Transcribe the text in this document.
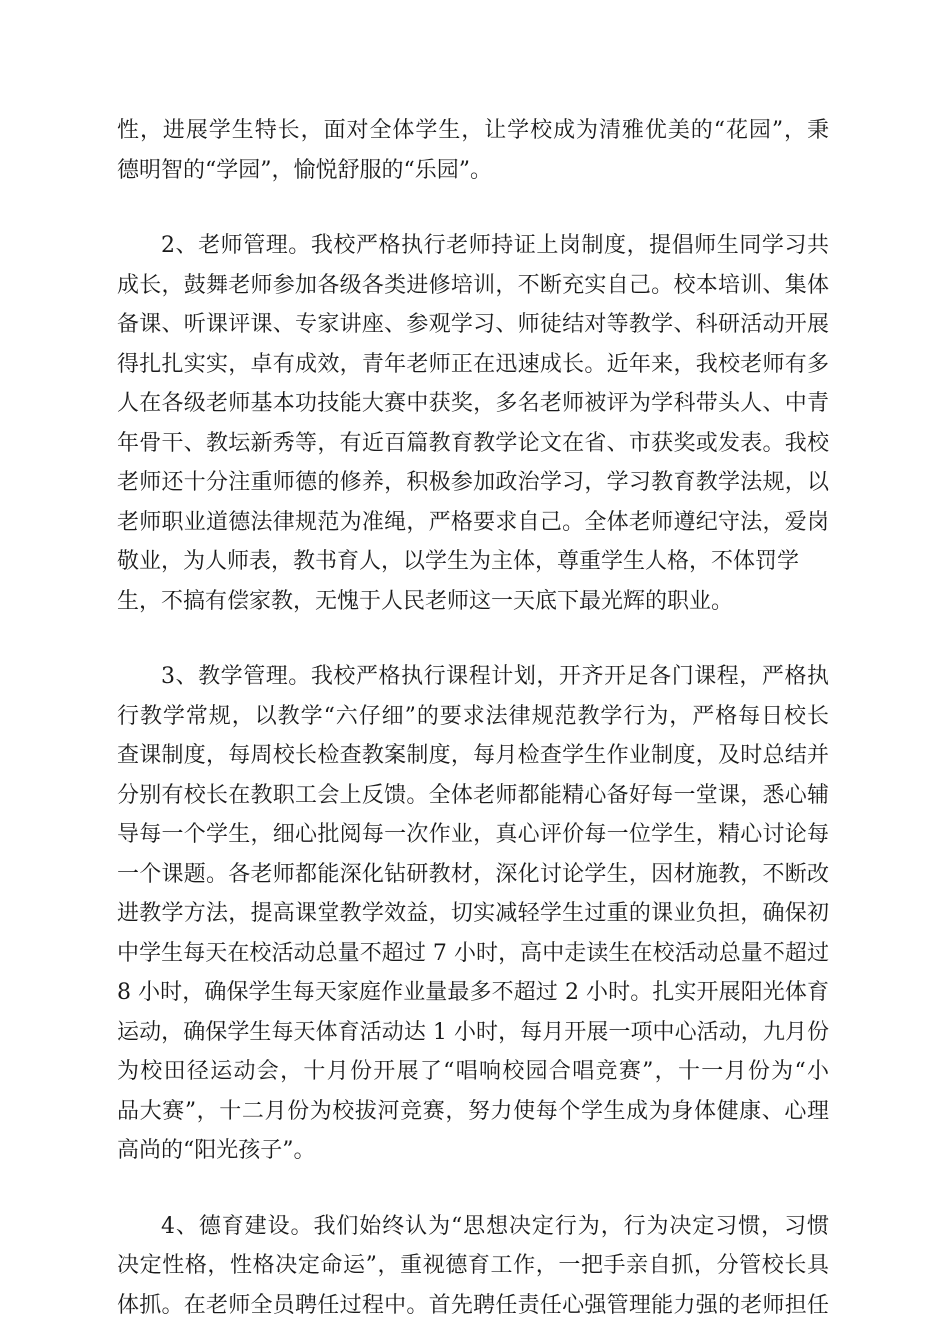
性，进展学生特长，面对全体学生，让学校成为清雅优美的“花园”，秉
德明智的“学园”，愉悦舒服的“乐园”。
2、老师管理。我校严格执行老师持证上岗制度，提倡师生同学习共
成长，鼓舞老师参加各级各类进修培训，不断充实自己。校本培训、集体
备课、听课评课、专家讲座、参观学习、师徒结对等教学、科研活动开展
得扎扎实实，卓有成效，青年老师正在迅速成长。近年来，我校老师有多
人在各级老师基本功技能大赛中获奖，多名老师被评为学科带头人、中青
年骨干、教坛新秀等，有近百篇教育教学论文在省、市获奖或发表。我校
老师还十分注重师德的修养，积极参加政治学习，学习教育教学法规，以
老师职业道德法律规范为准绳，严格要求自己。全体老师遵纪守法，爱岗
敬业，为人师表，教书育人，以学生为主体，尊重学生人格，不体罚学
生，不搞有偿家教，无愧于人民老师这一天底下最光辉的职业。
3、教学管理。我校严格执行课程计划，开齐开足各门课程，严格执
行教学常规，以教学“六仔细”的要求法律规范教学行为，严格每日校长
查课制度，每周校长检查教案制度，每月检查学生作业制度，及时总结并
分别有校长在教职工会上反馈。全体老师都能精心备好每一堂课，悉心辅
导每一个学生，细心批阅每一次作业，真心评价每一位学生，精心讨论每
一个课题。各老师都能深化钻研教材，深化讨论学生，因材施教，不断改
进教学方法，提高课堂教学效益，切实减轻学生过重的课业负担，确保初
中学生每天在校活动总量不超过 7 小时，高中走读生在校活动总量不超过
8 小时，确保学生每天家庭作业量最多不超过 2 小时。扎实开展阳光体育
运动，确保学生每天体育活动达 1 小时，每月开展一项中心活动，九月份
为校田径运动会，十月份开展了“唱响校园合唱竞赛”，十一月份为“小
品大赛”，十二月份为校拔河竞赛，努力使每个学生成为身体健康、心理
高尚的“阳光孩子”。
4、德育建设。我们始终认为“思想决定行为，行为决定习惯，习惯
决定性格，性格决定命运”，重视德育工作，一把手亲自抓，分管校长具
体抓。在老师全员聘任过程中。首先聘任责任心强管理能力强的老师担任
